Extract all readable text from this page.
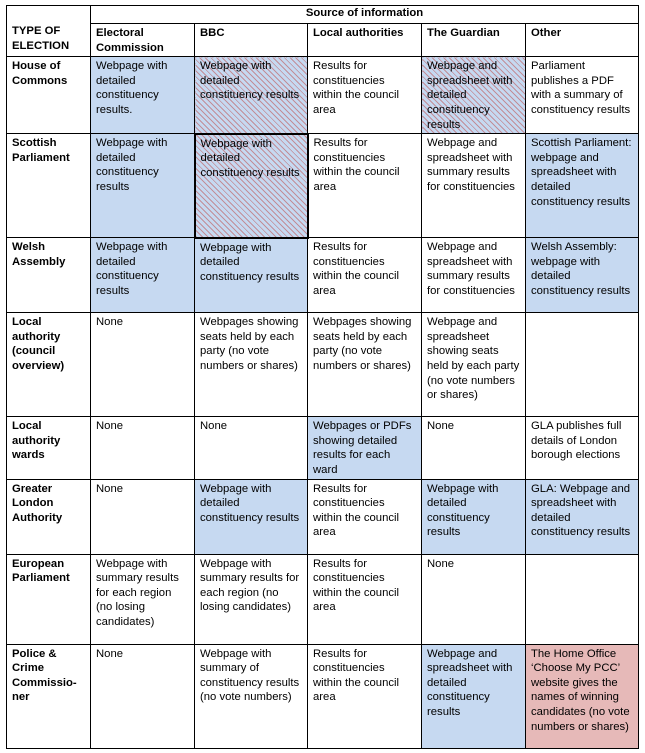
TYPE OF ELECTION	Source of information				
	Electoral Commission	BBC	Local authorities	The Guardian	Other
House of Commons	Webpage with detailed constituency results.	Webpage with detailed constituency results	Results for constituencies within the council area	Webpage and spreadsheet with detailed constituency results	Parliament publishes a PDF with a summary of constituency results
Scottish Parliament	Webpage with detailed constituency results	Webpage with detailed constituency results	Results for constituencies within the council area	Webpage and spreadsheet with summary results for constituencies	Scottish Parliament: webpage and spreadsheet with detailed constituency results
Welsh Assembly	Webpage with detailed constituency results	Webpage with detailed constituency results	Results for constituencies within the council area	Webpage and spreadsheet with summary results for constituencies	Welsh Assembly: webpage with detailed constituency results
Local authority (council overview)	None	Webpages showing seats held by each party (no vote numbers or shares)	Webpages showing seats held by each party (no vote numbers or shares)	Webpage and spreadsheet showing seats held by each party (no vote numbers or shares)	
Local authority wards	None	None	Webpages or PDFs showing detailed results for each ward	None	GLA publishes full details of London borough elections
Greater London Authority	None	Webpage with detailed constituency results	Results for constituencies within the council area	Webpage with detailed constituency results	GLA: Webpage and spreadsheet with detailed constituency results
European Parliament	Webpage with summary results for each region (no losing candidates)	Webpage with summary results for each region (no losing candidates)	Results for constituencies within the council area	None	
Police & Crime Commissio-ner	None	Webpage with summary of constituency results (no vote numbers)	Results for constituencies within the council area	Webpage and spreadsheet with detailed constituency results	The Home Office ‘Choose My PCC’ website gives the names of winning candidates (no vote numbers or shares)
